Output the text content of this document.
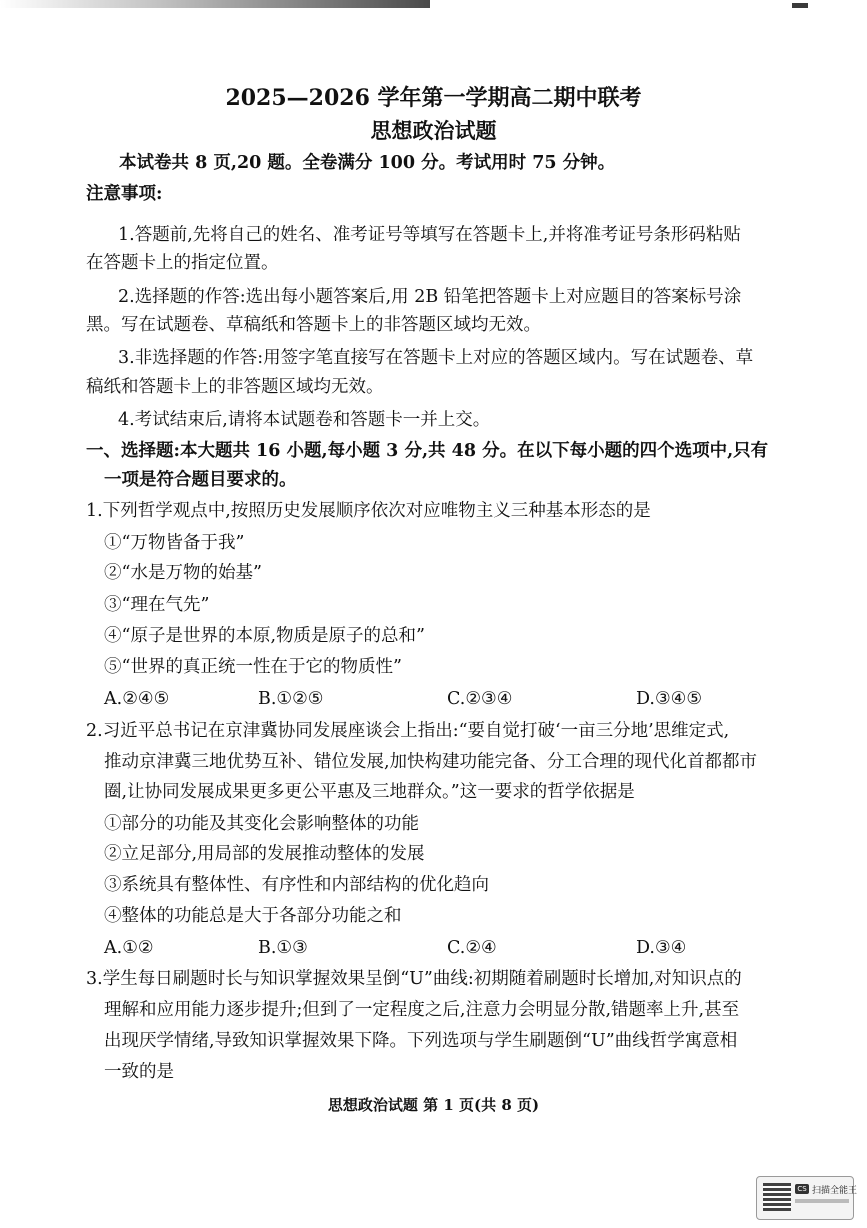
2025—2026 学年第一学期高二期中联考
思想政治试题
本试卷共 8 页,20 题。全卷满分 100 分。考试用时 75 分钟。
注意事项:
1.答题前,先将自己的姓名、准考证号等填写在答题卡上,并将准考证号条形码粘贴
在答题卡上的指定位置。
2.选择题的作答:选出每小题答案后,用 2B 铅笔把答题卡上对应题目的答案标号涂
黑。写在试题卷、草稿纸和答题卡上的非答题区域均无效。
3.非选择题的作答:用签字笔直接写在答题卡上对应的答题区域内。写在试题卷、草
稿纸和答题卡上的非答题区域均无效。
4.考试结束后,请将本试题卷和答题卡一并上交。
一、选择题:本大题共 16 小题,每小题 3 分,共 48 分。在以下每小题的四个选项中,只有
一项是符合题目要求的。
1.下列哲学观点中,按照历史发展顺序依次对应唯物主义三种基本形态的是
①“万物皆备于我”
②“水是万物的始基”
③“理在气先”
④“原子是世界的本原,物质是原子的总和”
⑤“世界的真正统一性在于它的物质性”
A.②④⑤	B.①②⑤	C.②③④	D.③④⑤
2.习近平总书记在京津冀协同发展座谈会上指出:“要自觉打破‘一亩三分地’思维定式,
推动京津冀三地优势互补、错位发展,加快构建功能完备、分工合理的现代化首都都市
圈,让协同发展成果更多更公平惠及三地群众。”这一要求的哲学依据是
①部分的功能及其变化会影响整体的功能
②立足部分,用局部的发展推动整体的发展
③系统具有整体性、有序性和内部结构的优化趋向
④整体的功能总是大于各部分功能之和
A.①②	B.①③	C.②④	D.③④
3.学生每日刷题时长与知识掌握效果呈倒“U”曲线:初期随着刷题时长增加,对知识点的
理解和应用能力逐步提升;但到了一定程度之后,注意力会明显分散,错题率上升,甚至
出现厌学情绪,导致知识掌握效果下降。下列选项与学生刷题倒“U”曲线哲学寓意相
一致的是
思想政治试题 第 1 页(共 8 页)
CS 扫描全能王
